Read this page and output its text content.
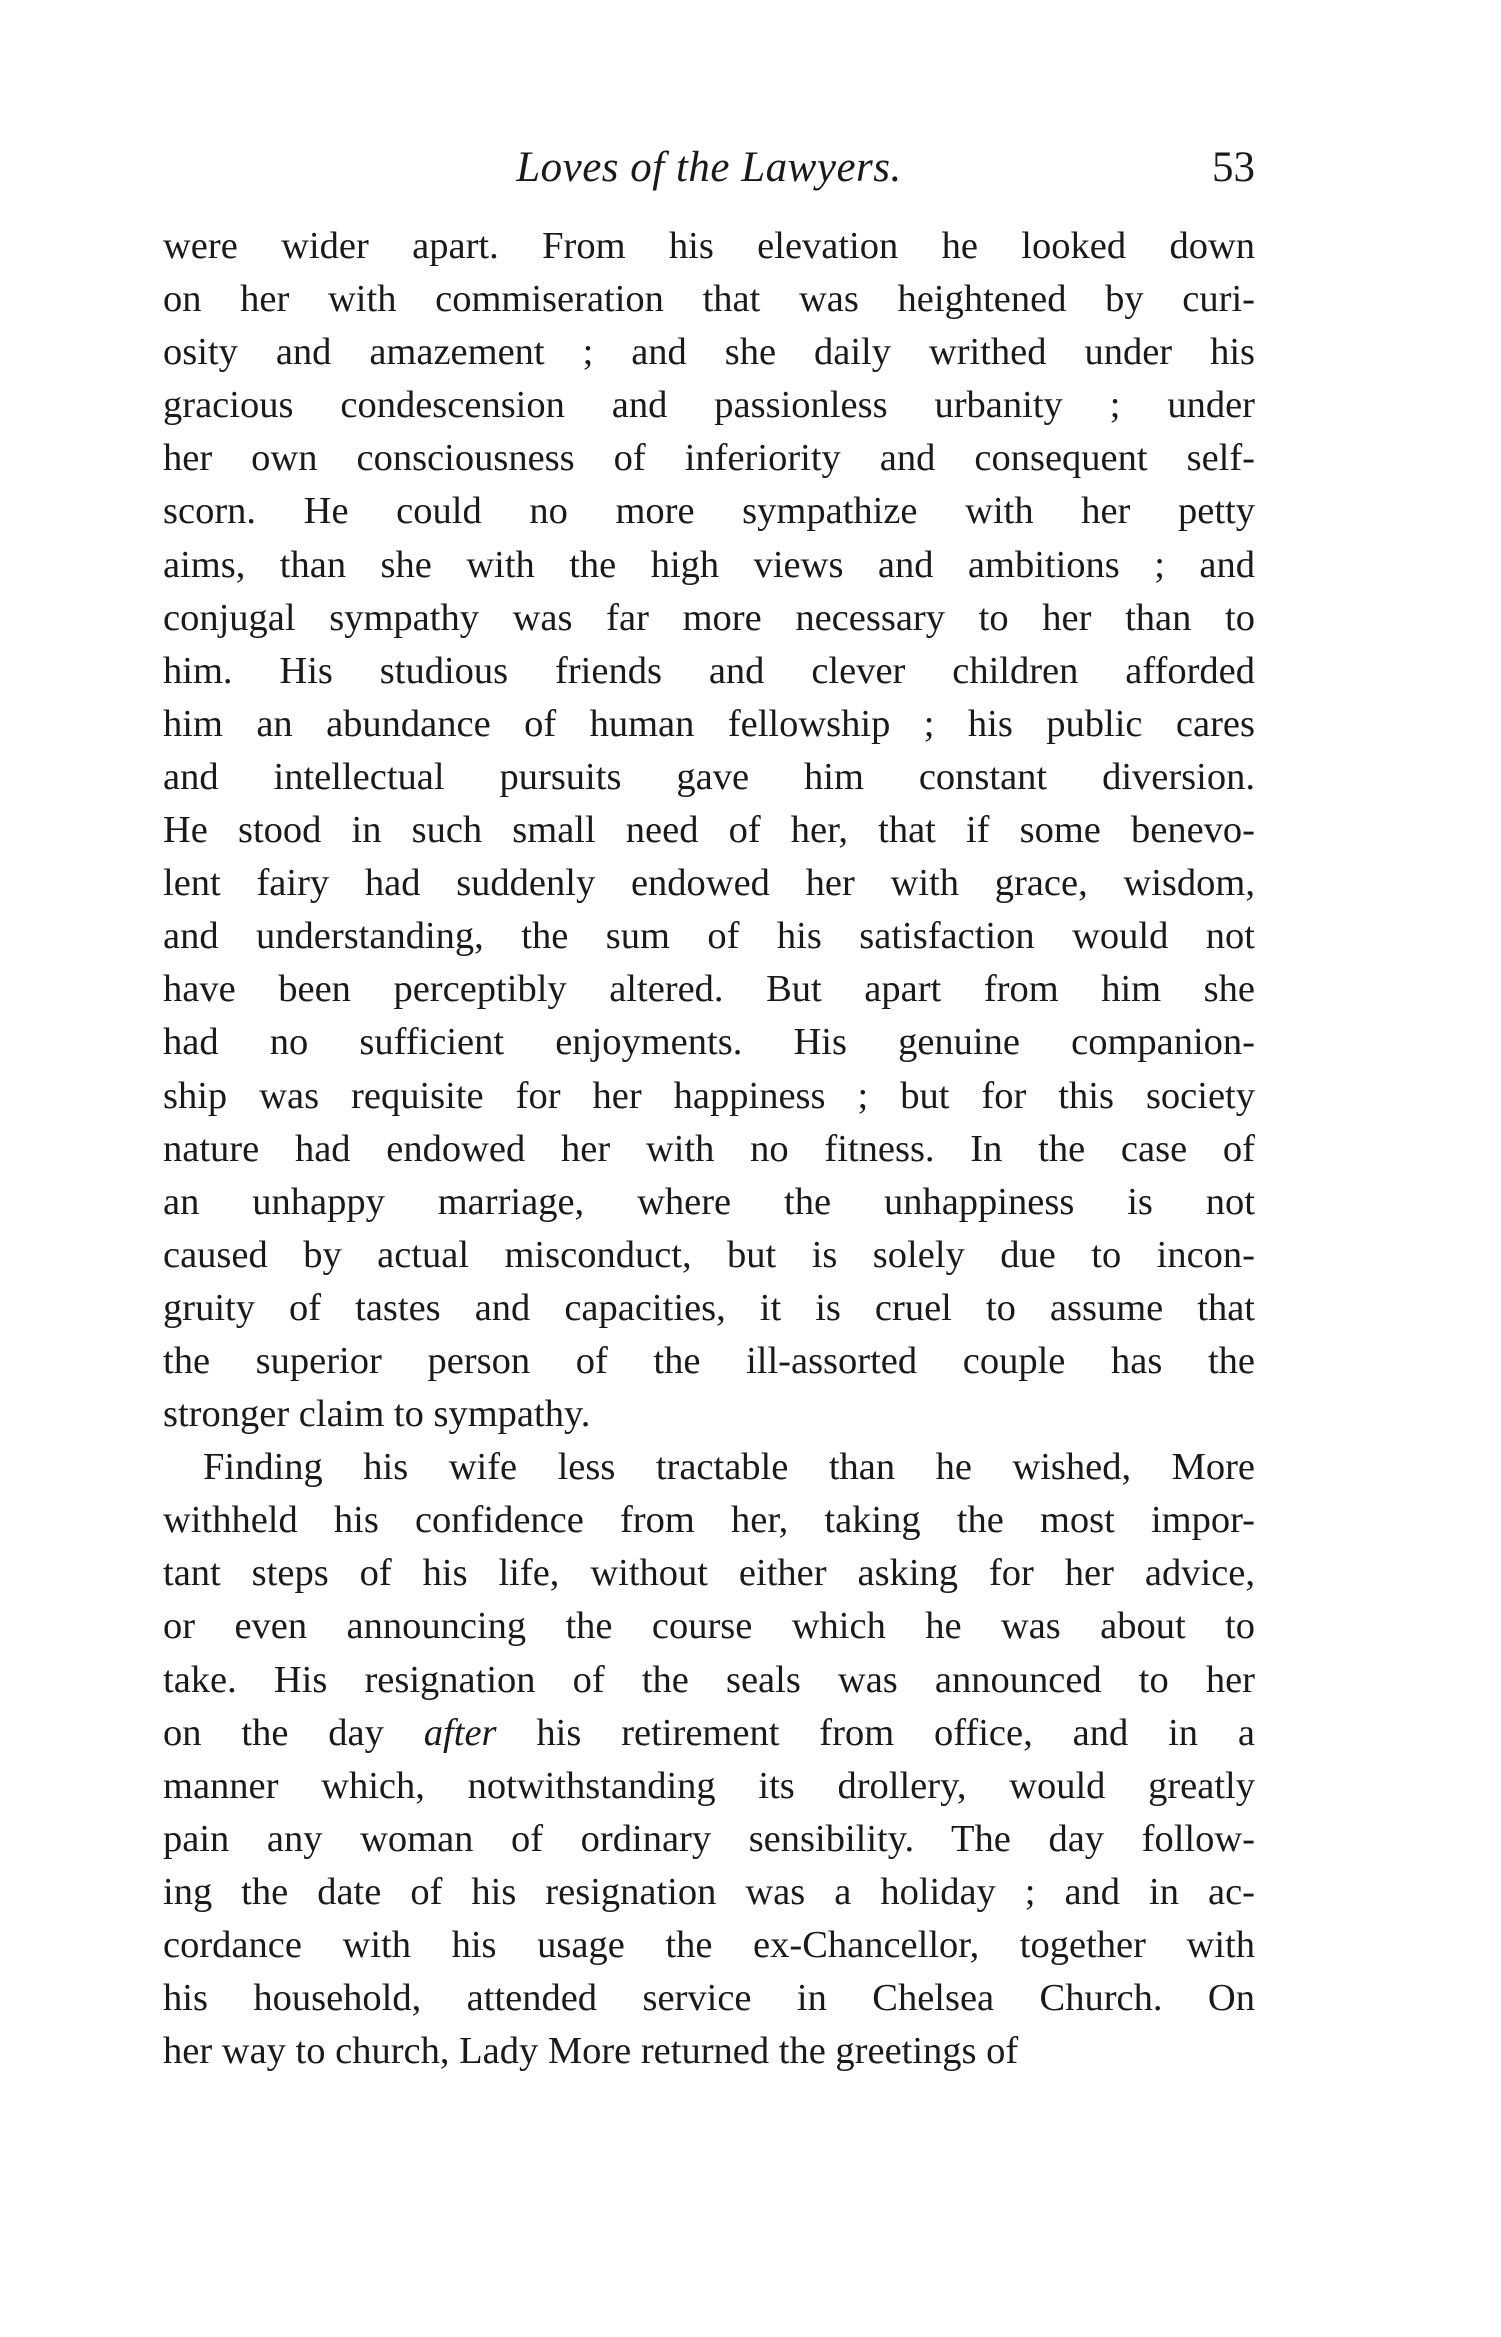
Loves of the Lawyers.	53
were wider apart. From his elevation he looked down
on her with commiseration that was heightened by curi-
osity and amazement ; and she daily writhed under his
gracious condescension and passionless urbanity ; under
her own consciousness of inferiority and consequent self-
scorn. He could no more sympathize with her petty
aims, than she with the high views and ambitions ; and
conjugal sympathy was far more necessary to her than to
him. His studious friends and clever children afforded
him an abundance of human fellowship ; his public cares
and intellectual pursuits gave him constant diversion.
He stood in such small need of her, that if some benevo-
lent fairy had suddenly endowed her with grace, wisdom,
and understanding, the sum of his satisfaction would not
have been perceptibly altered. But apart from him she
had no sufficient enjoyments. His genuine companion-
ship was requisite for her happiness ; but for this society
nature had endowed her with no fitness. In the case of
an unhappy marriage, where the unhappiness is not
caused by actual misconduct, but is solely due to incon-
gruity of tastes and capacities, it is cruel to assume that
the superior person of the ill-assorted couple has the
stronger claim to sympathy.
Finding his wife less tractable than he wished, More
withheld his confidence from her, taking the most impor-
tant steps of his life, without either asking for her advice,
or even announcing the course which he was about to
take. His resignation of the seals was announced to her
on the day after his retirement from office, and in a
manner which, notwithstanding its drollery, would greatly
pain any woman of ordinary sensibility. The day follow-
ing the date of his resignation was a holiday ; and in ac-
cordance with his usage the ex-Chancellor, together with
his household, attended service in Chelsea Church. On
her way to church, Lady More returned the greetings of
